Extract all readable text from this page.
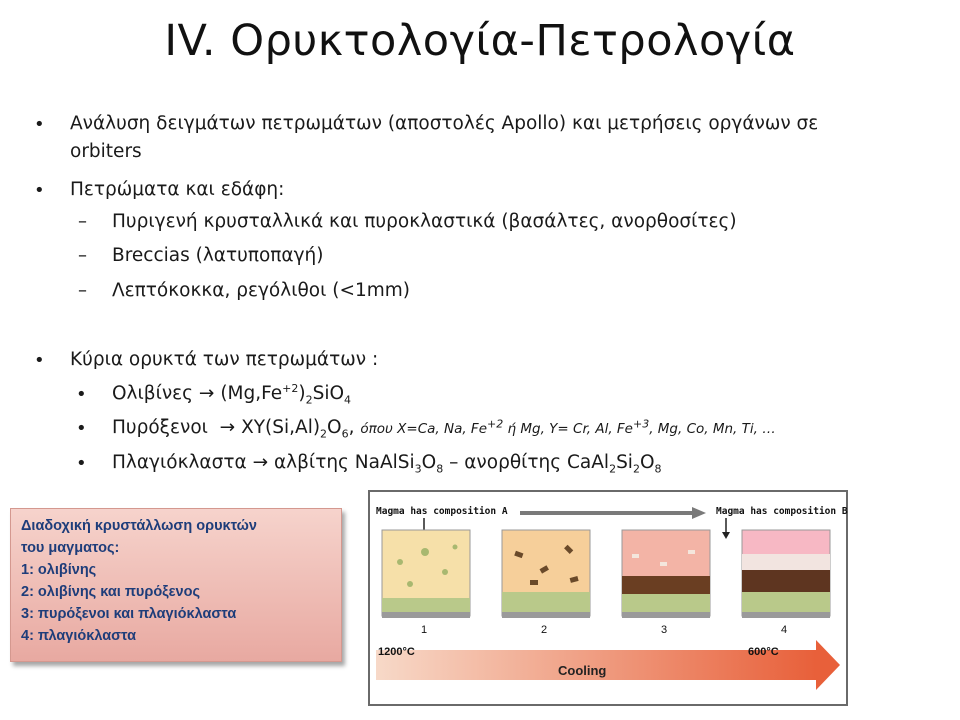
IV. Ορυκτολογία-Πετρολογία
• Ανάλυση δειγμάτων πετρωμάτων (αποστολές Apollo) και μετρήσεις οργάνων σε
orbiters
• Πετρώματα και εδάφη:
– Πυριγενή κρυσταλλικά και πυροκλαστικά (βασάλτες, ανορθοσίτες)
– Breccias (λατυποπαγή)
– Λεπτόκοκκα, ρεγόλιθοι (<1mm)
• Κύρια ορυκτά των πετρωμάτων :
• $O\lambda\iota\beta ί\nu\varepsilon\varsigma \to (Mg,Fe^{+2})_2SiO_4$
• $\Pi\upsilon\rho ό\xi\varepsilon\nu o\iota \to XY(Si,Al)_2O_6$, όπου X=Ca, Na, $Fe^{+2}$ ή Mg, Y= Cr, Al, $Fe^{+3}$, Mg, Co, Mn, Ti, …
• Πλαγιόκλαστα → αλβίτης $NaAlSi_3O_8$ – ανορθίτης $CaAl_2Si_2O_8$
Διαδοχική κρυστάλλωση ορυκτών
του μαγματος:
1: ολιβίνης
2: ολιβίνης και πυρόξενος
3: πυρόξενοι και πλαγιόκλαστα
4: πλαγιόκλαστα
Magma has composition A	Magma has composition B
1	2	3	4
1200°C	600°C
Cooling
